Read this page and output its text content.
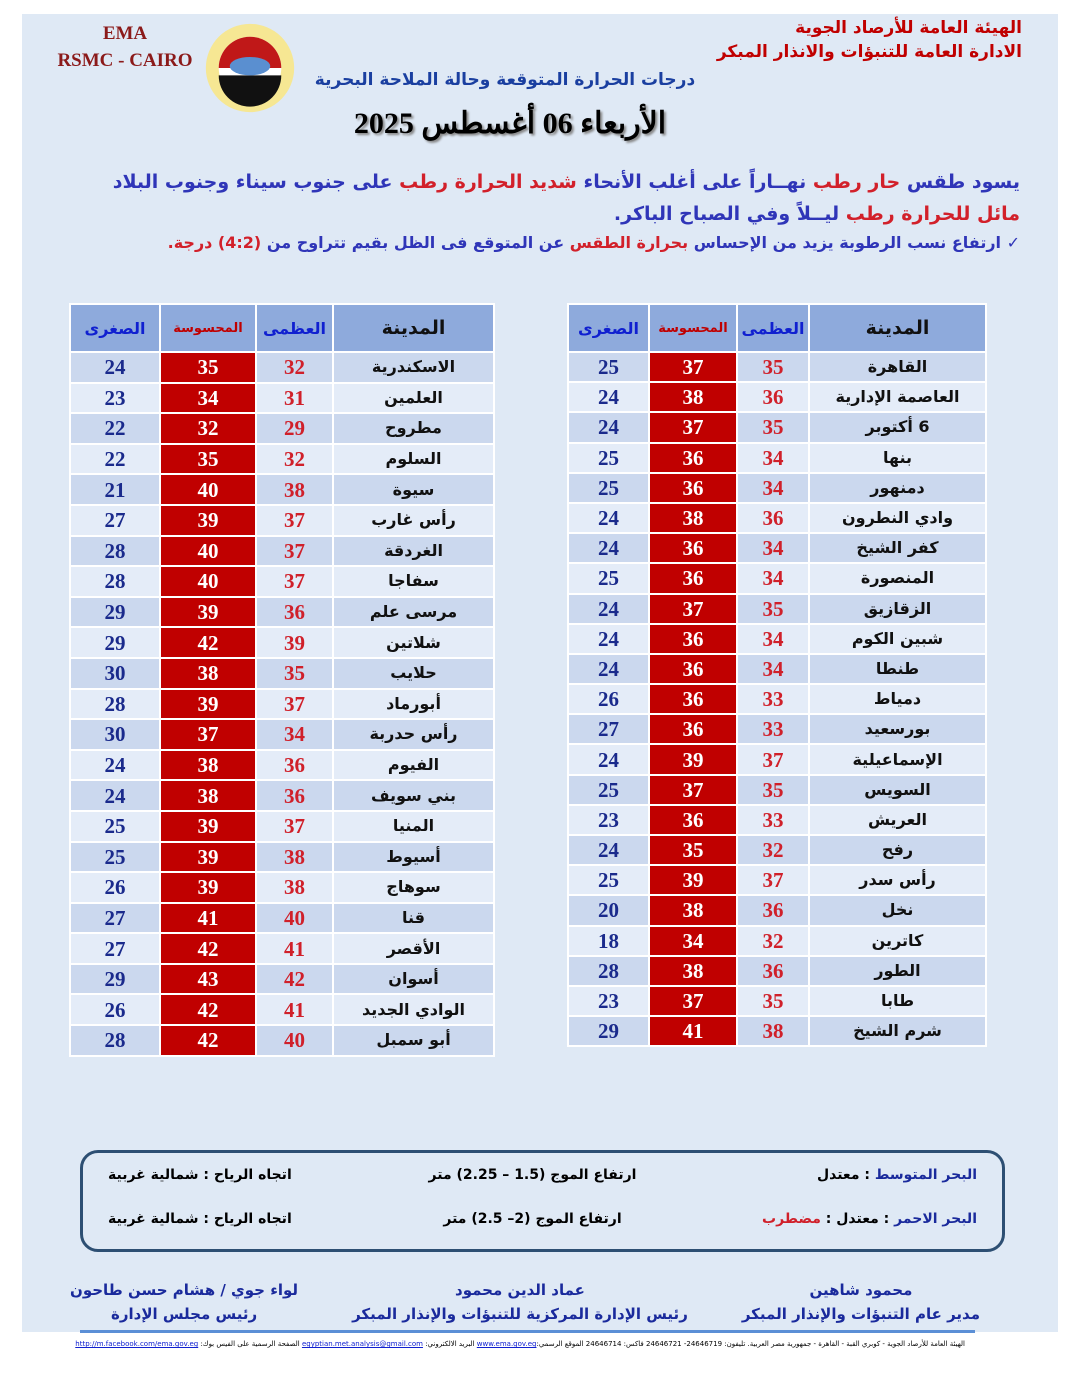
EMA
RSMC - CAIRO
الهيئة العامة للأرصاد الجوية
الادارة العامة للتنبؤات والانذار المبكر
درجات الحرارة المتوقعة وحالة الملاحة البحرية
الأربعاء 06 أغسطس 2025
يسود طقس حار رطب نهــاراً على أغلب الأنحاء شديد الحرارة رطب على جنوب سيناء وجنوب البلاد
مائل للحرارة رطب ليــلاً وفي الصباح الباكر.
✓ ارتفاع نسب الرطوبة يزيد من الإحساس بحرارة الطقس عن المتوقع فى الظل بقيم تتراوح من (4:2) درجة.
المدينة	العظمى	المحسوسة	الصغرى
القاهرة	35	37	25
العاصمة الإدارية	36	38	24
6 أكتوبر	35	37	24
بنها	34	36	25
دمنهور	34	36	25
وادي النطرون	36	38	24
كفر الشيخ	34	36	24
المنصورة	34	36	25
الزقازيق	35	37	24
شبين الكوم	34	36	24
طنطا	34	36	24
دمياط	33	36	26
بورسعيد	33	36	27
الإسماعيلية	37	39	24
السويس	35	37	25
العريش	33	36	23
رفح	32	35	24
رأس سدر	37	39	25
نخل	36	38	20
كاترين	32	34	18
الطور	36	38	28
طابا	35	37	23
شرم الشيخ	38	41	29
المدينة	العظمى	المحسوسة	الصغرى
الاسكندرية	32	35	24
العلمين	31	34	23
مطروح	29	32	22
السلوم	32	35	22
سيوة	38	40	21
رأس غارب	37	39	27
الغردقة	37	40	28
سفاجا	37	40	28
مرسى علم	36	39	29
شلاتين	39	42	29
حلايب	35	38	30
أبورماد	37	39	28
رأس حدربة	34	37	30
الفيوم	36	38	24
بني سويف	36	38	24
المنيا	37	39	25
أسيوط	38	39	25
سوهاج	38	39	26
قنا	40	41	27
الأقصر	41	42	27
أسوان	42	43	29
الوادي الجديد	41	42	26
أبو سمبل	40	42	28
البحر المتوسط : معتدل
ارتفاع الموج (1.5 – 2.25) متر
اتجاه الرياح : شمالية غربية
البحر الاحمر : معتدل : مضطرب
ارتفاع الموج (2– 2.5) متر
اتجاه الرياح : شمالية غربية
محمود شاهين
مدير عام التنبؤات والإنذار المبكر
عماد الدين محمود
رئيس الإدارة المركزية للتنبؤات والإنذار المبكر
لواء جوي / هشام حسن طاحون
رئيس مجلس الإدارة
الهيئة العامة للأرصاد الجوية - كوبري القبة - القاهرة - جمهورية مصر العربية. تليفون: 24646719- 24646721 فاكس: 24646714 الموقع الرسمي:www.ema.gov.eg البريد الالكتروني: egyptian.met.analysis@gmail.com الصفحة الرسمية على الفيس بوك: http://m.facebook.com/ema.gov.eg
